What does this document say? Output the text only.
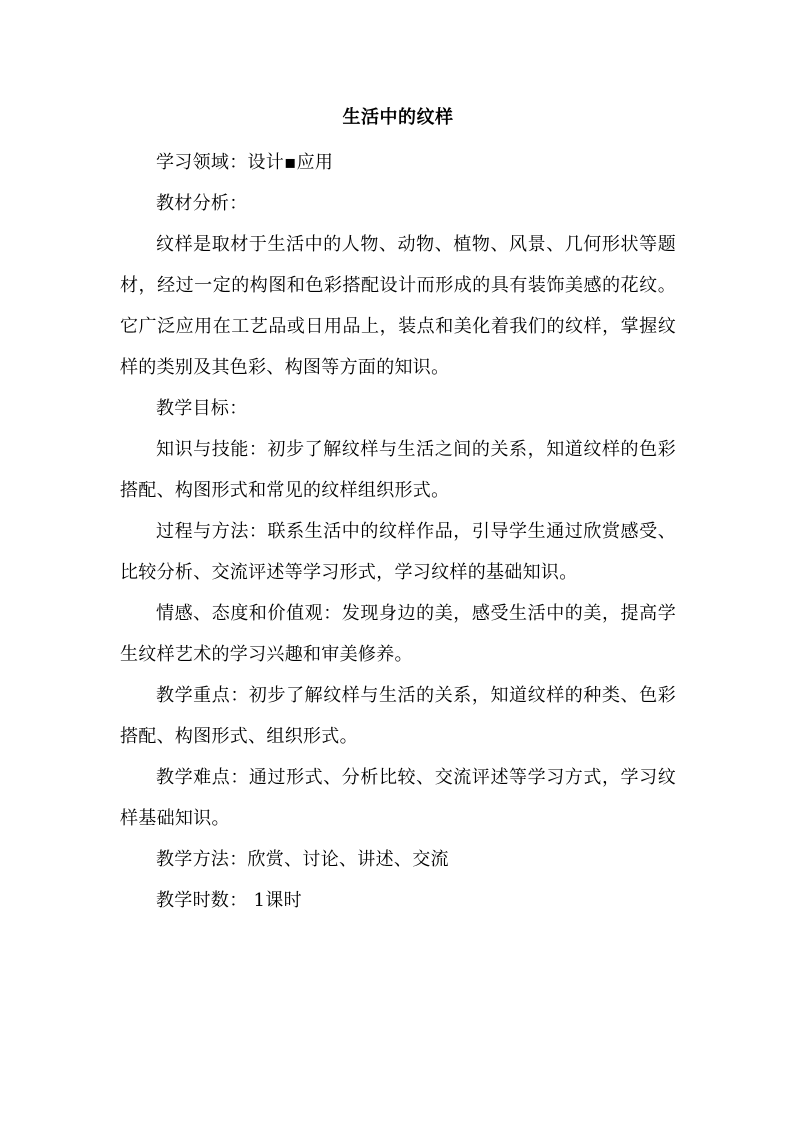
生活中的纹样

学习领域：设计▪应用

教材分析：

纹样是取材于生活中的人物、动物、植物、风景、几何形状等题材，经过一定的构图和色彩搭配设计而形成的具有装饰美感的花纹。它广泛应用在工艺品或日用品上，装点和美化着我们的纹样，掌握纹样的类别及其色彩、构图等方面的知识。

教学目标：

知识与技能：初步了解纹样与生活之间的关系，知道纹样的色彩搭配、构图形式和常见的纹样组织形式。

过程与方法：联系生活中的纹样作品，引导学生通过欣赏感受、比较分析、交流评述等学习形式，学习纹样的基础知识。

情感、态度和价值观：发现身边的美，感受生活中的美，提高学生纹样艺术的学习兴趣和审美修养。

教学重点：初步了解纹样与生活的关系，知道纹样的种类、色彩搭配、构图形式、组织形式。

教学难点：通过形式、分析比较、交流评述等学习方式，学习纹样基础知识。

教学方法：欣赏、讨论、讲述、交流

教学时数： 1课时
